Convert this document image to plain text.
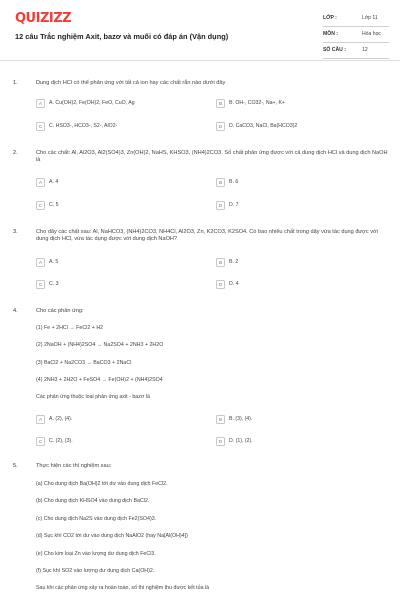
QUIZIZZ
12 câu Trắc nghiệm Axit, bazơ và muối có đáp án (Vận dụng)
LỚP :	Lớp 11
MÔN :	Hóa học
SỐ CÂU :	12
1.	Dung dịch HCl có thể phản ứng với tất cả ion hay các chất rắn nào dưới đây
A	A. Cu(OH)2, Fe(OH)2, FeO, CuO, Ag	B	B. OH-, CO32-, Na+, K+
C	C. HSO3-, HCO3-, S2-, AlO2-	D	D. CaCO3, NaCl, Ba(HCO3)2
2.	Cho các chất: Al, Al2O3, Al2(SO4)3, Zn(OH)2, NaHS, KHSO3, (NH4)2CO3. Số chất phản ứng được với cả dung dịch HCl và dung dịch NaOH là
A	A. 4	B	B. 6
C	C. 5	D	D. 7
3.	Cho dãy các chất sau: Al, NaHCO3, (NH4)2CO3, NH4Cl, Al2O3, Zn, K2CO3, K2SO4. Có bao nhiêu chất trong dãy vừa tác dụng được với dung dịch HCl, vừa tác dụng được với dung dịch NaOH?
A	A. 5	B	B. 2
C	C. 3	D	D. 4
4.	Cho các phản ứng:
(1) Fe + 2HCl → FeCl2 + H2
(2) 2NaOH + (NH4)2SO4 → Na2SO4 + 2NH3 + 2H2O
(3) BaCl2 + Na2CO3 → BaCO3 + 2NaCl
(4) 2NH3 + 2H2O + FeSO4 → Fe(OH)2 + (NH4)2SO4
Các phản ứng thuộc loại phản ứng axit - bazơ là
A	A. (2), (4).	B	B. (3), (4).
C	C. (2), (3).	D	D. (1), (2).
5.	Thực hiện các thí nghiệm sau:
(a) Cho dung dịch Ba(OH)2 tới dư vào dung dịch FeCl2.
(b) Cho dung dịch KHSO4 vào dung dịch BaCl2.
(c) Cho dung dịch Na2S vào dung dịch Fe2(SO4)3.
(d) Sục khí CO2 tới dư vào dung dịch NaAlO2 (hay Na[Al(OH)4])
(e) Cho kim loại Zn vào lượng dư dung dịch FeCl3.
(f) Sục khí SO2 vào lượng dư dung dịch Ca(OH)2.
Sau khi các phản ứng xảy ra hoàn toàn, số thí nghiệm thu được kết tủa là
